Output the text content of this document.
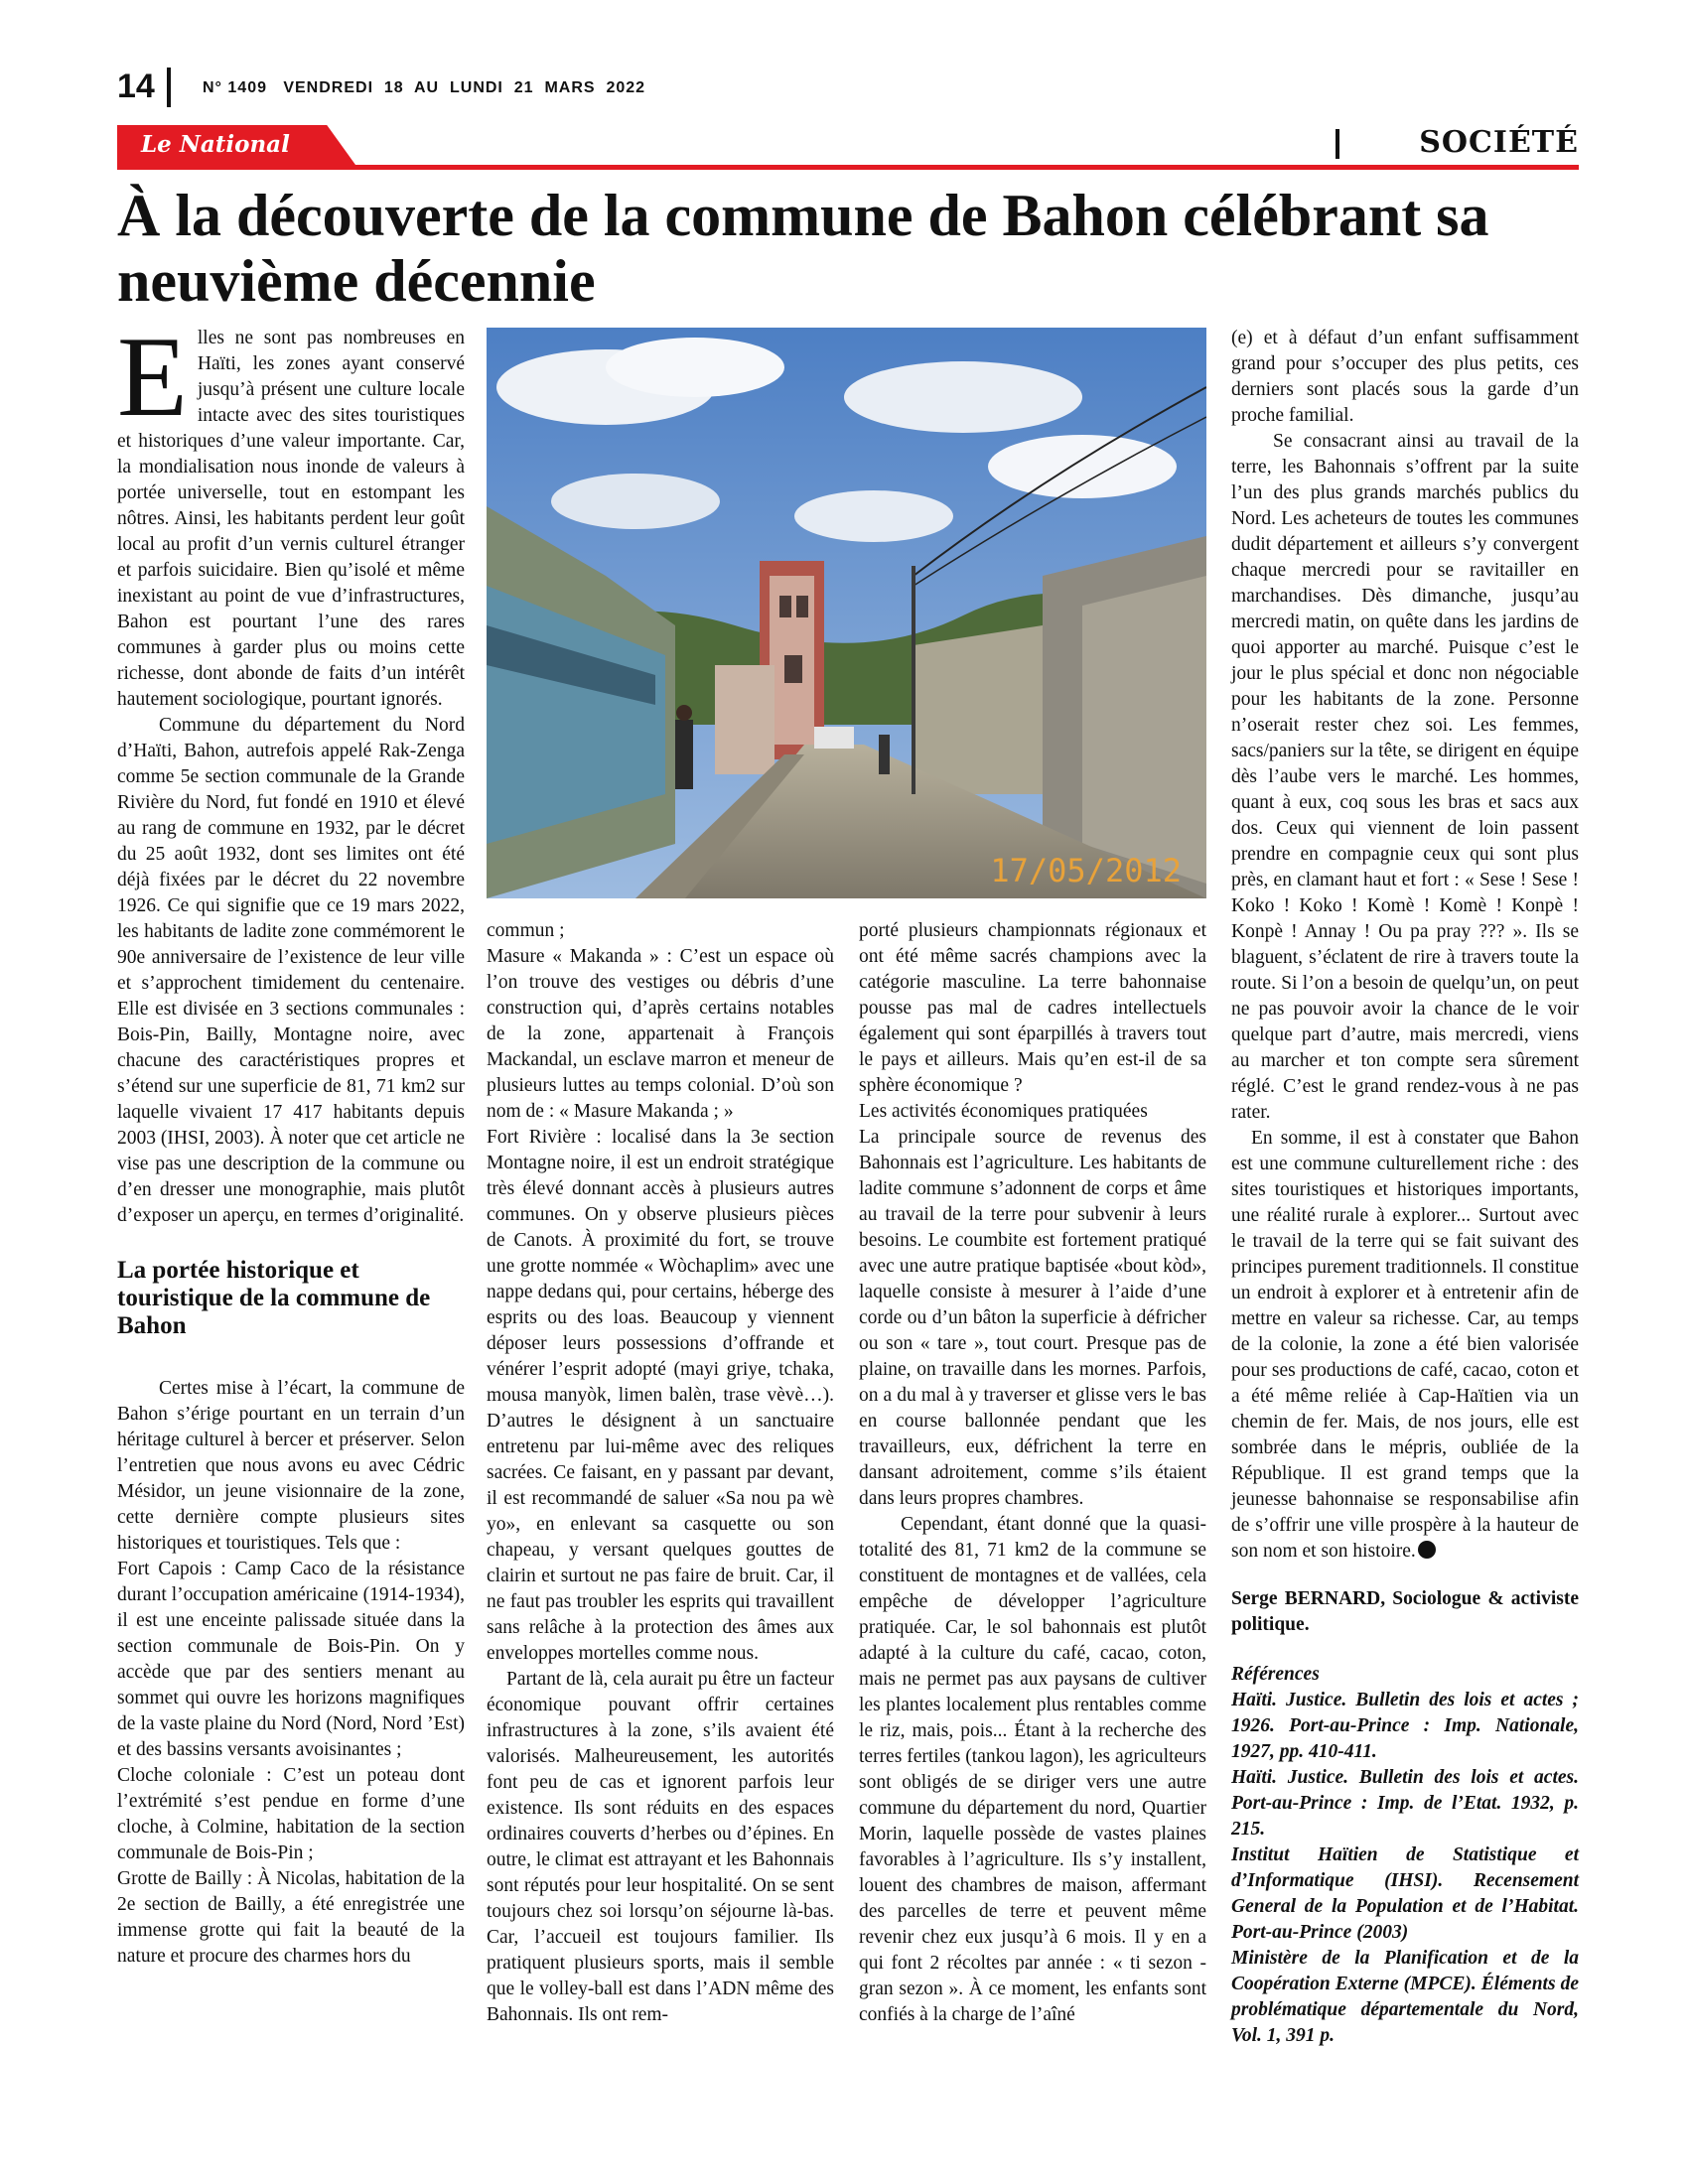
14	N° 1409   VENDREDI  18  AU  LUNDI  21  MARS  2022
Le National	SOCIÉTÉ
À la découverte de la commune de Bahon célébrant sa neuvième décennie
17/05/2012

Elles ne sont pas nombreuses en Haïti, les zones ayant conservé jusqu’à présent une culture locale intacte avec des sites touristiques et historiques d’une valeur importante. Car, la mondialisation nous inonde de valeurs à portée universelle, tout en estompant les nôtres. Ainsi, les habitants perdent leur goût local au profit d’un vernis culturel étranger et parfois suicidaire. Bien qu’isolé et même inexistant au point de vue d’infrastructures, Bahon est pourtant l’une des rares communes à garder plus ou moins cette richesse, dont abonde de faits d’un intérêt hautement sociologique, pourtant ignorés.

Commune du département du Nord d’Haïti, Bahon, autrefois appelé Rak-Zenga comme 5e section communale de la Grande Rivière du Nord, fut fondé en 1910 et élevé au rang de commune en 1932, par le décret du 25 août 1932, dont ses limites ont été déjà fixées par le décret du 22 novembre 1926. Ce qui signifie que ce 19 mars 2022, les habitants de ladite zone commémorent le 90e anniversaire de l’existence de leur ville et s’approchent timidement du centenaire. Elle est divisée en 3 sections communales : Bois-Pin, Bailly, Montagne noire, avec chacune des caractéristiques propres et s’étend sur une superficie de 81, 71 km2 sur laquelle vivaient 17 417 habitants depuis 2003 (IHSI, 2003). À noter que cet article ne vise pas une description de la commune ou d’en dresser une monographie, mais plutôt d’exposer un aperçu, en termes d’originalité.

La portée historique et touristique de la commune de Bahon

Certes mise à l’écart, la commune de Bahon s’érige pourtant en un terrain d’un héritage culturel à bercer et préserver. Selon l’entretien que nous avons eu avec Cédric Mésidor, un jeune visionnaire de la zone, cette dernière compte plusieurs sites historiques et touristiques. Tels que :

Fort Capois : Camp Caco de la résistance durant l’occupation américaine (1914-1934), il est une enceinte palissade située dans la section communale de Bois-Pin. On y accède que par des sentiers menant au sommet qui ouvre les horizons magnifiques de la vaste plaine du Nord (Nord, Nord ’Est) et des bassins versants avoisinantes ;

Cloche coloniale : C’est un poteau dont l’extrémité s’est pendue en forme d’une cloche, à Colmine, habitation de la section communale de Bois-Pin ;

Grotte de Bailly : À Nicolas, habitation de la 2e section de Bailly, a été enregistrée une immense grotte qui fait la beauté de la nature et procure des charmes hors du

commun ;

Masure « Makanda » : C’est un espace où l’on trouve des vestiges ou débris d’une construction qui, d’après certains notables de la zone, appartenait à François Mackandal, un esclave marron et meneur de plusieurs luttes au temps colonial. D’où son nom de : « Masure Makanda ; »

Fort Rivière : localisé dans la 3e section Montagne noire, il est un endroit stratégique très élevé donnant accès à plusieurs autres communes. On y observe plusieurs pièces de Canots. À proximité du fort, se trouve une grotte nommée « Wòchaplim» avec une nappe dedans qui, pour certains, héberge des esprits ou des loas. Beaucoup y viennent déposer leurs possessions d’offrande et vénérer l’esprit adopté (mayi griye, tchaka, mousa manyòk, limen balèn, trase vèvè…). D’autres le désignent à un sanctuaire entretenu par lui-même avec des reliques sacrées. Ce faisant, en y passant par devant, il est recommandé de saluer «Sa nou pa wè yo», en enlevant sa casquette ou son chapeau, y versant quelques gouttes de clairin et surtout ne pas faire de bruit. Car, il ne faut pas troubler les esprits qui travaillent sans relâche à la protection des âmes aux enveloppes mortelles comme nous.

Partant de là, cela aurait pu être un facteur économique pouvant offrir certaines infrastructures à la zone, s’ils avaient été valorisés. Malheureusement, les autorités font peu de cas et ignorent parfois leur existence. Ils sont réduits en des espaces ordinaires couverts d’herbes ou d’épines. En outre, le climat est attrayant et les Bahonnais sont réputés pour leur hospitalité. On se sent toujours chez soi lorsqu’on séjourne là-bas. Car, l’accueil est toujours familier. Ils pratiquent plusieurs sports, mais il semble que le volley-ball est dans l’ADN même des Bahonnais. Ils ont rem-

porté plusieurs championnats régionaux et ont été même sacrés champions avec la catégorie masculine. La terre bahonnaise pousse pas mal de cadres intellectuels également qui sont éparpillés à travers tout le pays et ailleurs. Mais qu’en est-il de sa sphère économique ?

Les activités économiques pratiquées

La principale source de revenus des Bahonnais est l’agriculture. Les habitants de ladite commune s’adonnent de corps et âme au travail de la terre pour subvenir à leurs besoins. Le coumbite est fortement pratiqué avec une autre pratique baptisée «bout kòd», laquelle consiste à mesurer à l’aide d’une corde ou d’un bâton la superficie à défricher ou son « tare », tout court. Presque pas de plaine, on travaille dans les mornes. Parfois, on a du mal à y traverser et glisse vers le bas en course ballonnée pendant que les travailleurs, eux, défrichent la terre en dansant adroitement, comme s’ils étaient dans leurs propres chambres.

Cependant, étant donné que la quasi-totalité des 81, 71 km2 de la commune se constituent de montagnes et de vallées, cela empêche de développer l’agriculture pratiquée. Car, le sol bahonnais est plutôt adapté à la culture du café, cacao, coton, mais ne permet pas aux paysans de cultiver les plantes localement plus rentables comme le riz, mais, pois... Étant à la recherche des terres fertiles (tankou lagon), les agriculteurs sont obligés de se diriger vers une autre commune du département du nord, Quartier Morin, laquelle possède de vastes plaines favorables à l’agriculture. Ils s’y installent, louent des chambres de maison, affermant des parcelles de terre et peuvent même revenir chez eux jusqu’à 6 mois. Il y en a qui font 2 récoltes par année : « ti sezon - gran sezon ». À ce moment, les enfants sont confiés à la charge de l’aîné

(e) et à défaut d’un enfant suffisamment grand pour s’occuper des plus petits, ces derniers sont placés sous la garde d’un proche familial.

Se consacrant ainsi au travail de la terre, les Bahonnais s’offrent par la suite l’un des plus grands marchés publics du Nord. Les acheteurs de toutes les communes dudit département et ailleurs s’y convergent chaque mercredi pour se ravitailler en marchandises. Dès dimanche, jusqu’au mercredi matin, on quête dans les jardins de quoi apporter au marché. Puisque c’est le jour le plus spécial et donc non négociable pour les habitants de la zone. Personne n’oserait rester chez soi. Les femmes, sacs/paniers sur la tête, se dirigent en équipe dès l’aube vers le marché. Les hommes, quant à eux, coq sous les bras et sacs aux dos. Ceux qui viennent de loin passent prendre en compagnie ceux qui sont plus près, en clamant haut et fort : « Sese ! Sese ! Koko ! Koko ! Komè ! Komè ! Konpè ! Konpè ! Annay ! Ou pa pray ??? ». Ils se blaguent, s’éclatent de rire à travers toute la route. Si l’on a besoin de quelqu’un, on peut ne pas pouvoir avoir la chance de le voir quelque part d’autre, mais mercredi, viens au marcher et ton compte sera sûrement réglé. C’est le grand rendez-vous à ne pas rater.

En somme, il est à constater que Bahon est une commune culturellement riche : des sites touristiques et historiques importants, une réalité rurale à explorer... Surtout avec le travail de la terre qui se fait suivant des principes purement traditionnels. Il constitue un endroit à explorer et à entretenir afin de mettre en valeur sa richesse. Car, au temps de la colonie, la zone a été bien valorisée pour ses productions de café, cacao, coton et a été même reliée à Cap-Haïtien via un chemin de fer. Mais, de nos jours, elle est sombrée dans le mépris, oubliée de la République. Il est grand temps que la jeunesse bahonnaise se responsabilise afin de s’offrir une ville prospère à la hauteur de son nom et son histoire.

Serge BERNARD, Sociologue & activiste politique.

Références

Haïti. Justice. Bulletin des lois et actes ; 1926. Port-au-Prince : Imp. Nationale, 1927, pp. 410-411.

Haïti. Justice. Bulletin des lois et actes. Port-au-Prince : Imp. de l’Etat. 1932, p. 215.

Institut Haïtien de Statistique et d’Informatique (IHSI). Recensement General de la Population et de l’Habitat. Port-au-Prince (2003)

Ministère de la Planification et de la Coopération Externe (MPCE). Éléments de problématique départementale du Nord, Vol. 1, 391 p.
